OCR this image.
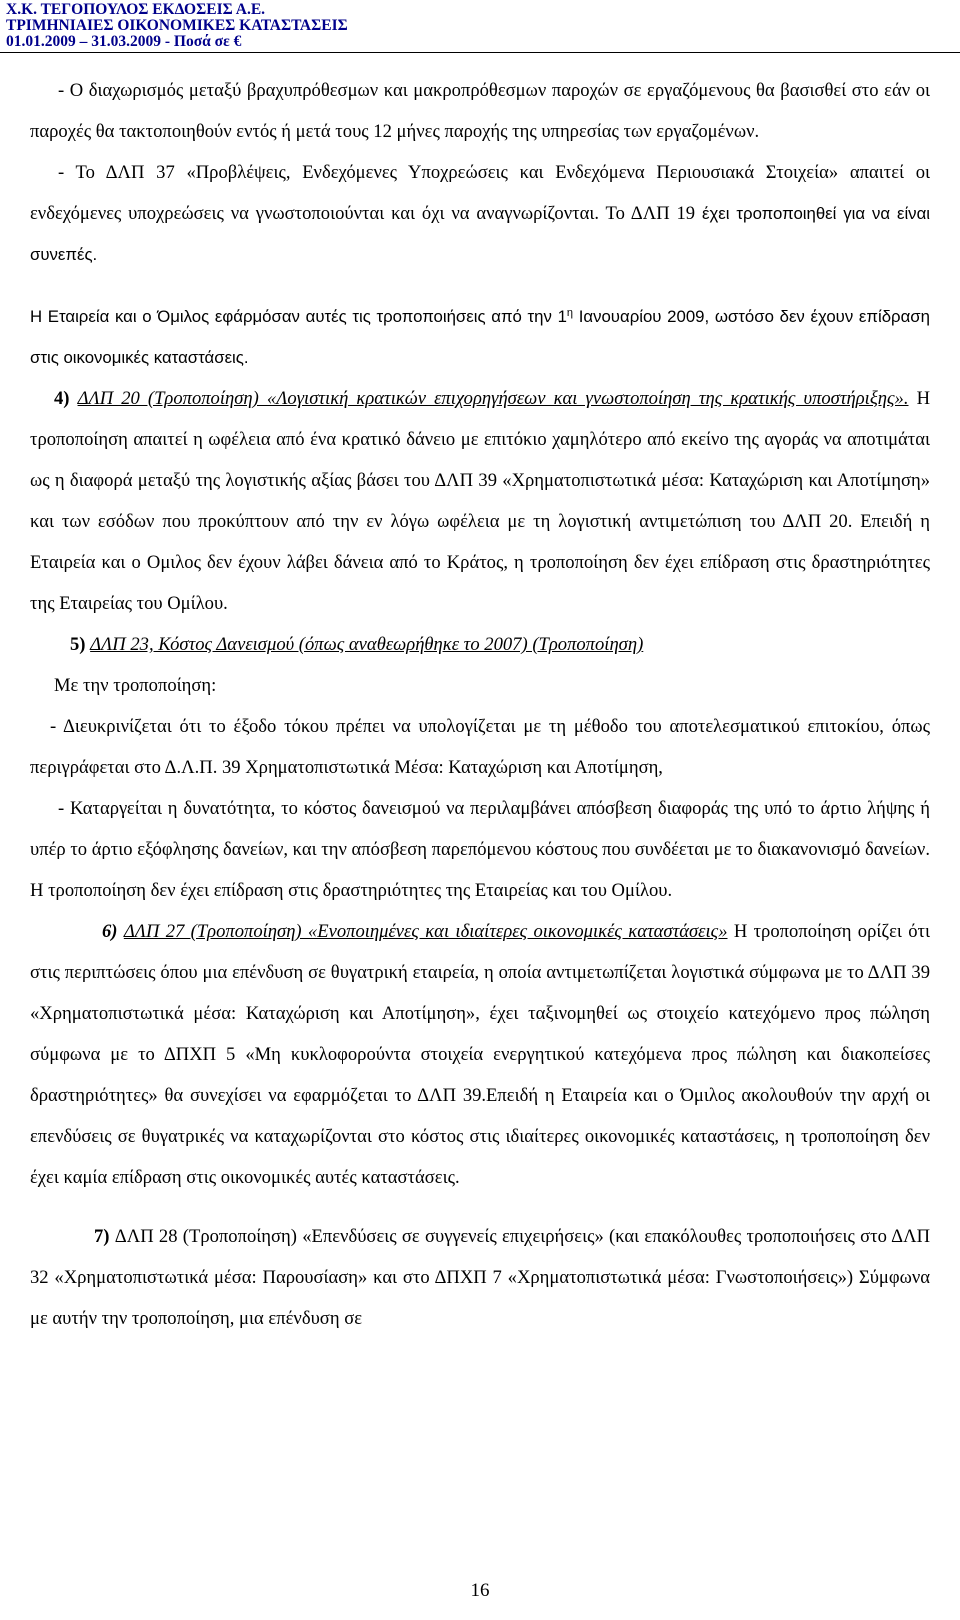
Χ.Κ. ΤΕΓΟΠΟΥΛΟΣ ΕΚΔΟΣΕΙΣ Α.Ε.
ΤΡΙΜΗΝΙΑΙΕΣ ΟΙΚΟΝΟΜΙΚΕΣ ΚΑΤΑΣΤΑΣΕΙΣ
01.01.2009 – 31.03.2009 - Ποσά σε €

- Ο διαχωρισμός μεταξύ βραχυπρόθεσμων και μακροπρόθεσμων παροχών σε εργαζόμενους θα βασισθεί στο εάν οι παροχές θα τακτοποιηθούν εντός ή μετά τους 12 μήνες παροχής της υπηρεσίας των εργαζομένων.

- Το ΔΛΠ 37 «Προβλέψεις, Ενδεχόμενες Υποχρεώσεις και Ενδεχόμενα Περιουσιακά Στοιχεία» απαιτεί οι ενδεχόμενες υποχρεώσεις να γνωστοποιούνται και όχι να αναγνωρίζονται. Το ΔΛΠ 19 έχει τροποποιηθεί για να είναι συνεπές.

Η Εταιρεία και ο Όμιλος εφάρμόσαν αυτές τις τροποποιήσεις από την $1^\eta$ Ιανουαρίου 2009, ωστόσο δεν έχουν επίδραση στις οικονομικές καταστάσεις.

4) ΔΛΠ 20 (Τροποποίηση) «Λογιστική κρατικών επιχορηγήσεων και γνωστοποίηση της κρατικής υποστήριξης». Η τροποποίηση απαιτεί η ωφέλεια από ένα κρατικό δάνειο με επιτόκιο χαμηλότερο από εκείνο της αγοράς να αποτιμάται ως η διαφορά μεταξύ της λογιστικής αξίας βάσει του ΔΛΠ 39 «Χρηματοπιστωτικά μέσα: Καταχώριση και Αποτίμηση» και των εσόδων που προκύπτουν από την εν λόγω ωφέλεια με τη λογιστική αντιμετώπιση του ΔΛΠ 20. Επειδή η Εταιρεία και ο Ομιλος δεν έχουν λάβει δάνεια από το Κράτος, η τροποποίηση δεν έχει επίδραση στις δραστηριότητες της Εταιρείας του Ομίλου.

5) ΔΛΠ 23, Κόστος Δανεισμού (όπως αναθεωρήθηκε το 2007) (Τροποποίηση)

Με την τροποποίηση:

- Διευκρινίζεται ότι το έξοδο τόκου πρέπει να υπολογίζεται με τη μέθοδο του αποτελεσματικού επιτοκίου, όπως περιγράφεται στο Δ.Λ.Π. 39 Χρηματοπιστωτικά Μέσα: Καταχώριση και Αποτίμηση,

- Καταργείται η δυνατότητα, το κόστος δανεισμού να περιλαμβάνει απόσβεση διαφοράς της υπό το άρτιο λήψης ή υπέρ το άρτιο εξόφλησης δανείων, και την απόσβεση παρεπόμενου κόστους που συνδέεται με το διακανονισμό δανείων. Η τροποποίηση δεν έχει επίδραση στις δραστηριότητες της Εταιρείας και του Ομίλου.

6) ΔΛΠ 27 (Τροποποίηση) «Ενοποιημένες και ιδιαίτερες οικονομικές καταστάσεις» Η τροποποίηση ορίζει ότι στις περιπτώσεις όπου μια επένδυση σε θυγατρική εταιρεία, η οποία αντιμετωπίζεται λογιστικά σύμφωνα με το ΔΛΠ 39 «Χρηματοπιστωτικά μέσα: Καταχώριση και Αποτίμηση», έχει ταξινομηθεί ως στοιχείο κατεχόμενο προς πώληση σύμφωνα με το ΔΠΧΠ 5 «Μη κυκλοφορούντα στοιχεία ενεργητικού κατεχόμενα προς πώληση και διακοπείσες δραστηριότητες» θα συνεχίσει να εφαρμόζεται το ΔΛΠ 39.Επειδή η Εταιρεία και ο Όμιλος ακολουθούν την αρχή οι επενδύσεις σε θυγατρικές να καταχωρίζονται στο κόστος στις ιδιαίτερες οικονομικές καταστάσεις, η τροποποίηση δεν έχει καμία επίδραση στις οικονομικές αυτές καταστάσεις.

7) ΔΛΠ 28 (Τροποποίηση) «Επενδύσεις σε συγγενείς επιχειρήσεις» (και επακόλουθες τροποποιήσεις στο ΔΛΠ 32 «Χρηματοπιστωτικά μέσα: Παρουσίαση» και στο ΔΠΧΠ 7 «Χρηματοπιστωτικά μέσα: Γνωστοποιήσεις») Σύμφωνα με αυτήν την τροποποίηση, μια επένδυση σε

16
